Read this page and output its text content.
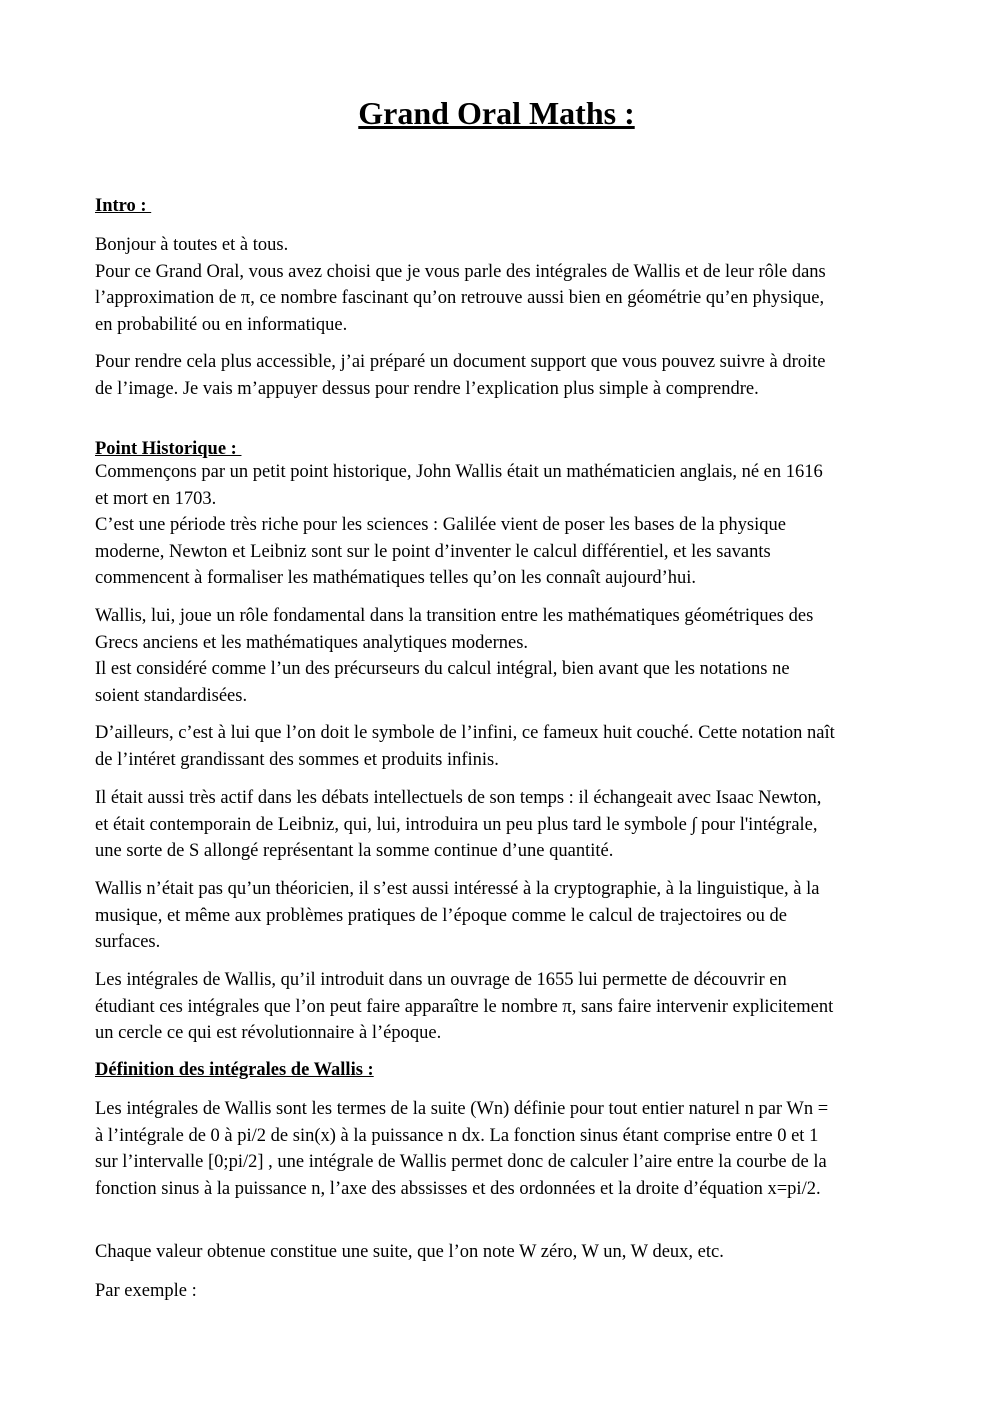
Grand Oral Maths :
Intro :

Bonjour à toutes et à tous.
Pour ce Grand Oral, vous avez choisi que je vous parle des intégrales de Wallis et de leur rôle dans
l’approximation de π, ce nombre fascinant qu’on retrouve aussi bien en géométrie qu’en physique,
en probabilité ou en informatique.

Pour rendre cela plus accessible, j’ai préparé un document support que vous pouvez suivre à droite
de l’image. Je vais m’appuyer dessus pour rendre l’explication plus simple à comprendre.

Point Historique :

Commençons par un petit point historique, John Wallis était un mathématicien anglais, né en 1616
et mort en 1703.
C’est une période très riche pour les sciences : Galilée vient de poser les bases de la physique
moderne, Newton et Leibniz sont sur le point d’inventer le calcul différentiel, et les savants
commencent à formaliser les mathématiques telles qu’on les connaît aujourd’hui.

Wallis, lui, joue un rôle fondamental dans la transition entre les mathématiques géométriques des
Grecs anciens et les mathématiques analytiques modernes.
Il est considéré comme l’un des précurseurs du calcul intégral, bien avant que les notations ne
soient standardisées.

D’ailleurs, c’est à lui que l’on doit le symbole de l’infini, ce fameux huit couché. Cette notation naît
de l’intéret grandissant des sommes et produits infinis.

Il était aussi très actif dans les débats intellectuels de son temps : il échangeait avec Isaac Newton,
et était contemporain de Leibniz, qui, lui, introduira un peu plus tard le symbole ∫ pour l'intégrale,
une sorte de S allongé représentant la somme continue d’une quantité.

Wallis n’était pas qu’un théoricien, il s’est aussi intéressé à la cryptographie, à la linguistique, à la
musique, et même aux problèmes pratiques de l’époque comme le calcul de trajectoires ou de
surfaces.

Les intégrales de Wallis, qu’il introduit dans un ouvrage de 1655 lui permette de découvrir en
étudiant ces intégrales que l’on peut faire apparaître le nombre π, sans faire intervenir explicitement
un cercle ce qui est révolutionnaire à l’époque.

Définition des intégrales de Wallis :

Les intégrales de Wallis sont les termes de la suite (Wn) définie pour tout entier naturel n par Wn =
à l’intégrale de 0 à pi/2 de sin(x) à la puissance n dx. La fonction sinus étant comprise entre 0 et 1
sur l’intervalle [0;pi/2] , une intégrale de Wallis permet donc de calculer l’aire entre la courbe de la
fonction sinus à la puissance n, l’axe des abssisses et des ordonnées et la droite d’équation x=pi/2.

Chaque valeur obtenue constitue une suite, que l’on note W zéro, W un, W deux, etc.

Par exemple :
